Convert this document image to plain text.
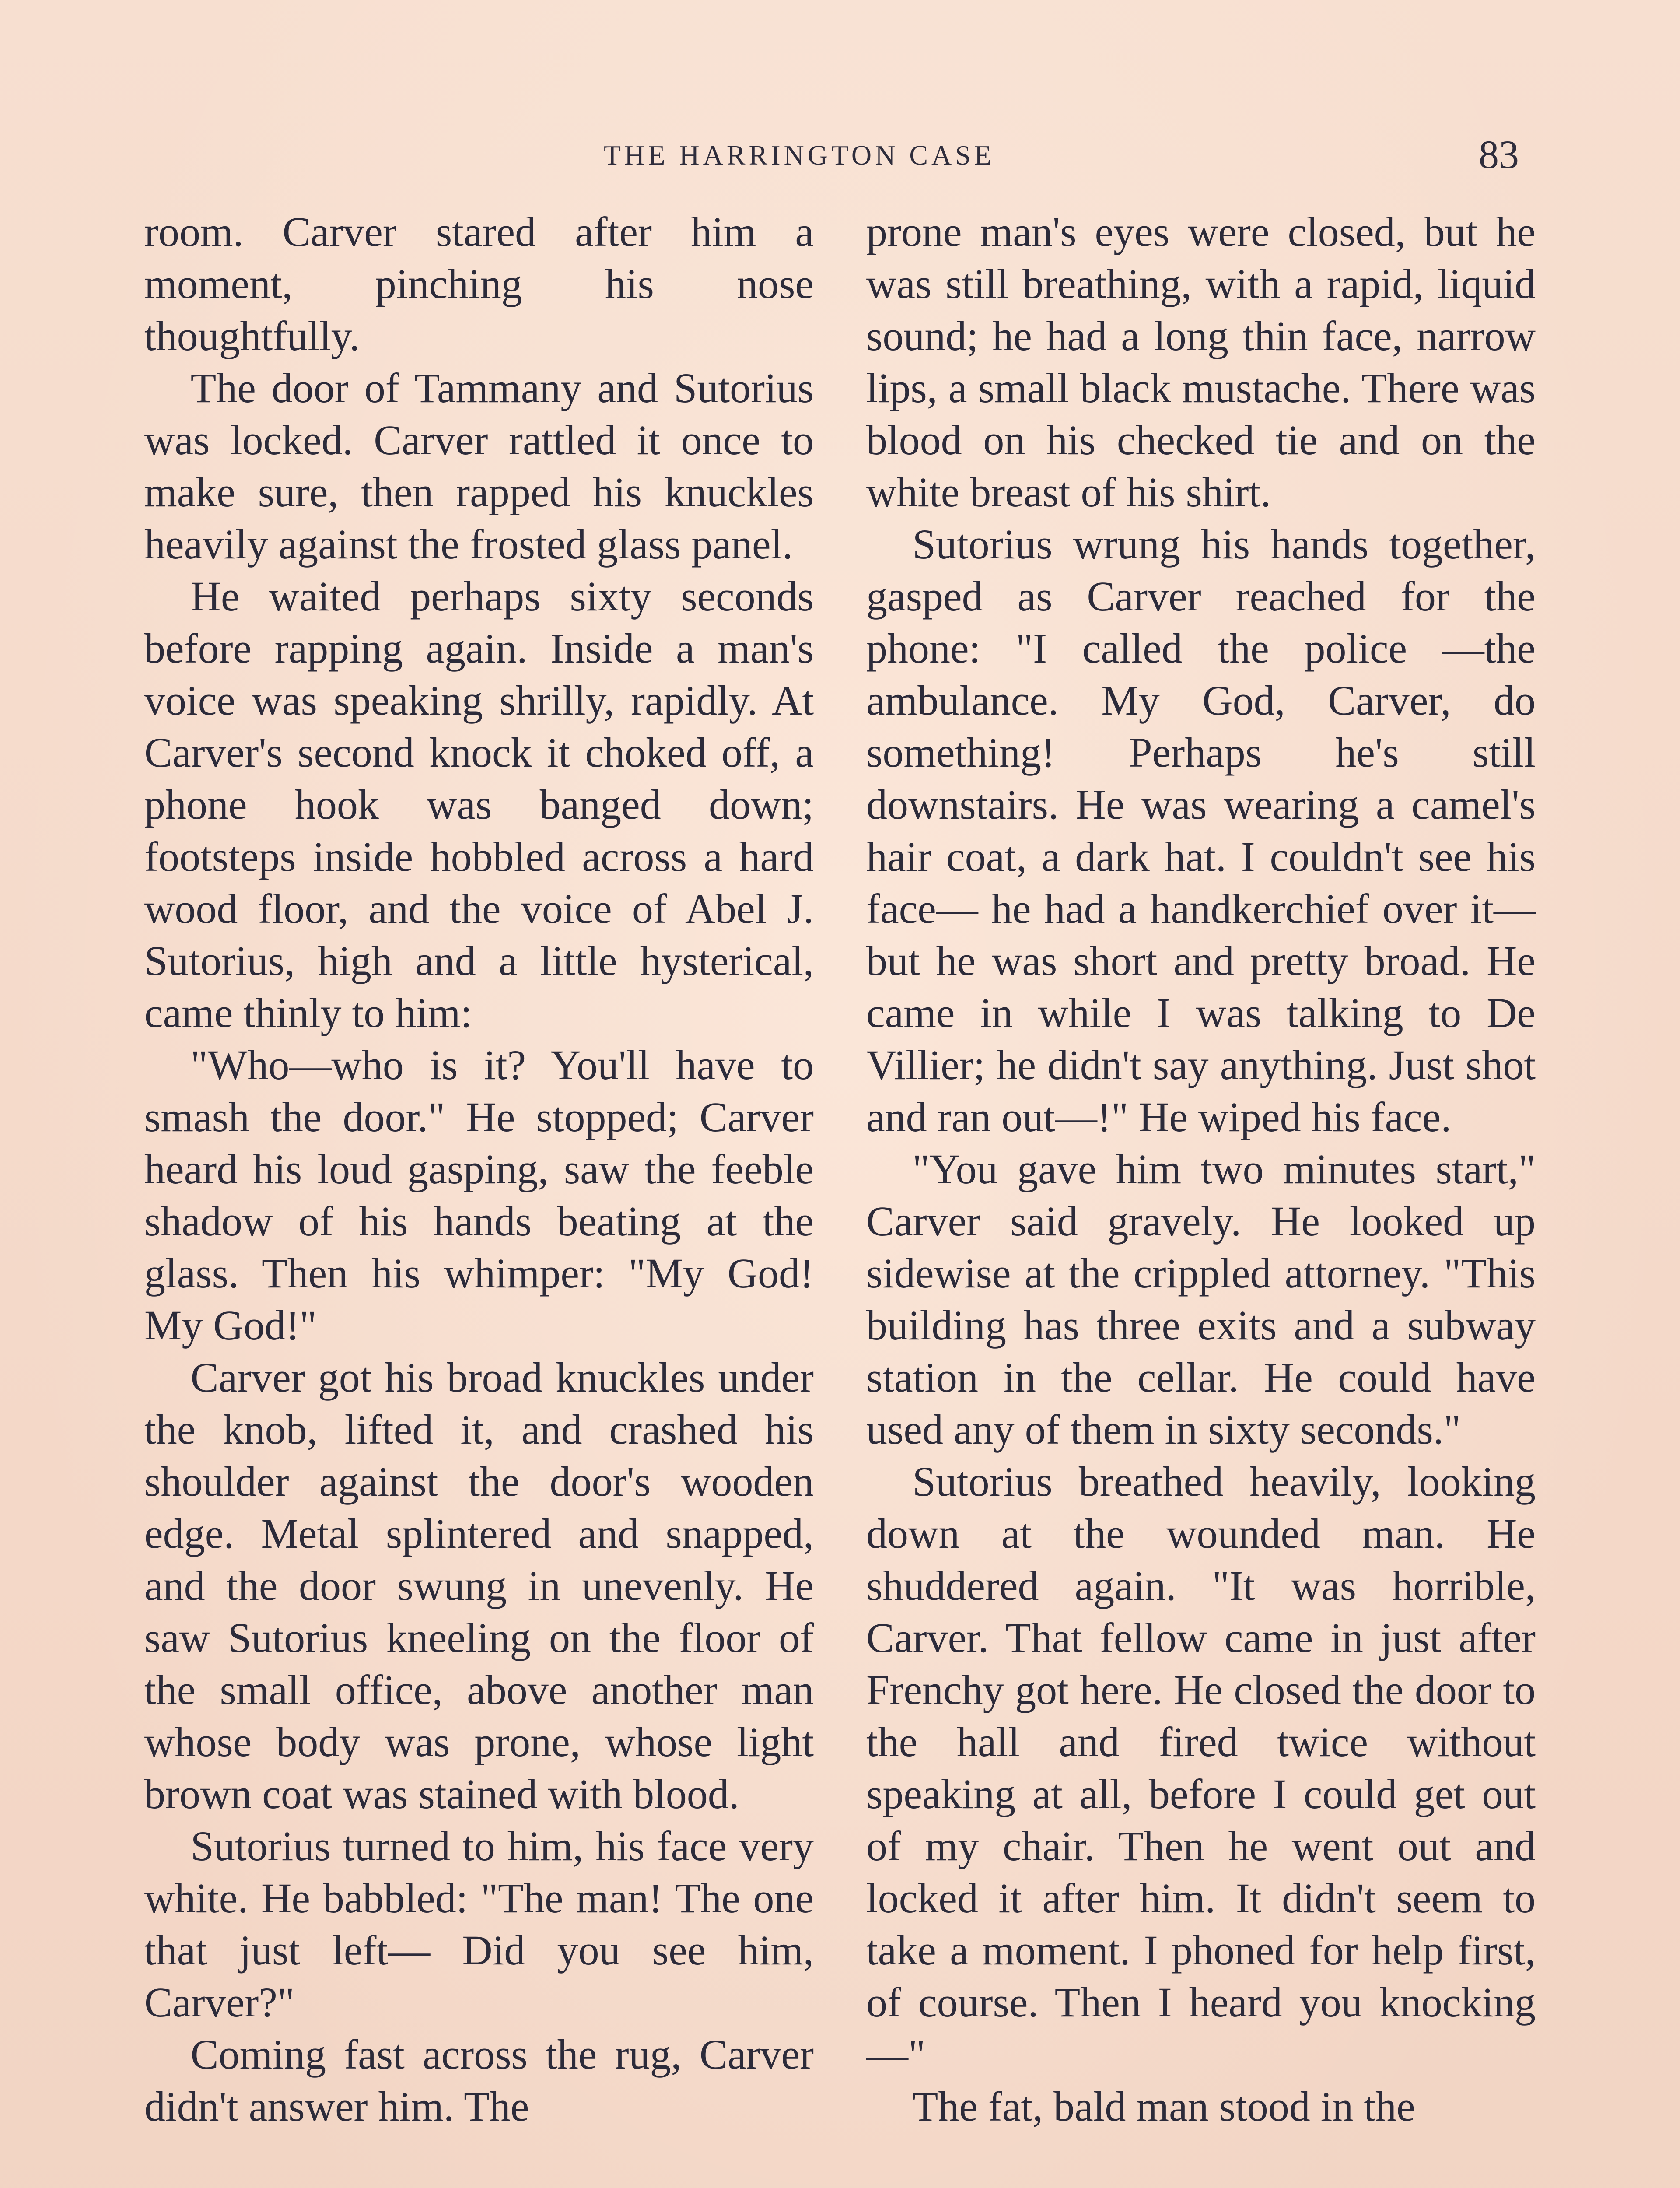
THE HARRINGTON CASE	83

room. Carver stared after him a moment, pinching his nose thoughtfully.

The door of Tammany and Sutorius was locked. Carver rattled it once to make sure, then rapped his knuckles heavily against the frosted glass panel.

He waited perhaps sixty seconds before rapping again. Inside a man's voice was speaking shrilly, rapidly. At Carver's second knock it choked off, a phone hook was banged down; footsteps inside hobbled across a hard wood floor, and the voice of Abel J. Sutorius, high and a little hysterical, came thinly to him:

"Who—who is it? You'll have to smash the door." He stopped; Carver heard his loud gasping, saw the feeble shadow of his hands beating at the glass. Then his whimper: "My God! My God!"

Carver got his broad knuckles under the knob, lifted it, and crashed his shoulder against the door's wooden edge. Metal splintered and snapped, and the door swung in unevenly. He saw Sutorius kneeling on the floor of the small office, above another man whose body was prone, whose light brown coat was stained with blood.

Sutorius turned to him, his face very white. He babbled: "The man! The one that just left— Did you see him, Carver?"

Coming fast across the rug, Carver didn't answer him. The

prone man's eyes were closed, but he was still breathing, with a rapid, liquid sound; he had a long thin face, narrow lips, a small black mustache. There was blood on his checked tie and on the white breast of his shirt.

Sutorius wrung his hands together, gasped as Carver reached for the phone: "I called the police —the ambulance. My God, Carver, do something! Perhaps he's still downstairs. He was wearing a camel's hair coat, a dark hat. I couldn't see his face— he had a handkerchief over it— but he was short and pretty broad. He came in while I was talking to De Villier; he didn't say anything. Just shot and ran out—!" He wiped his face.

"You gave him two minutes start," Carver said gravely. He looked up sidewise at the crippled attorney. "This building has three exits and a subway station in the cellar. He could have used any of them in sixty seconds."

Sutorius breathed heavily, looking down at the wounded man. He shuddered again. "It was horrible, Carver. That fellow came in just after Frenchy got here. He closed the door to the hall and fired twice without speaking at all, before I could get out of my chair. Then he went out and locked it after him. It didn't seem to take a moment. I phoned for help first, of course. Then I heard you knocking—"

The fat, bald man stood in the
